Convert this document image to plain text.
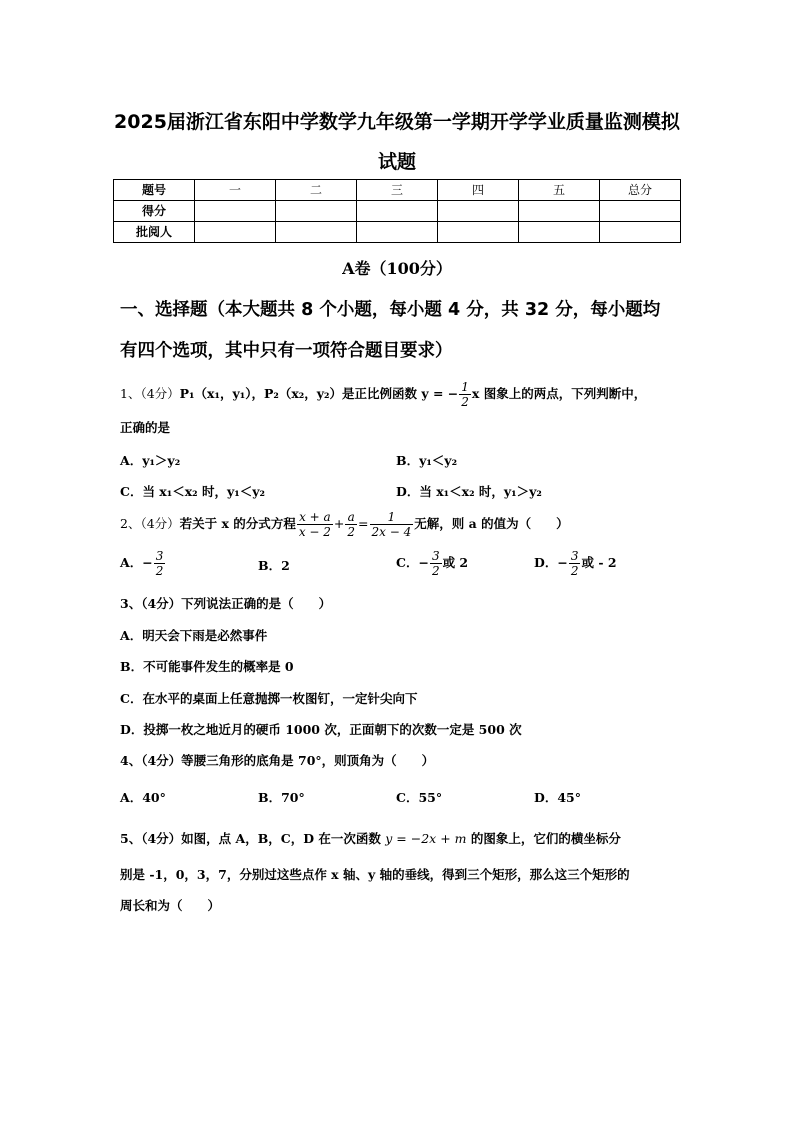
2025届浙江省东阳中学数学九年级第一学期开学学业质量监测模拟
试题
题号	一	二	三	四	五	总分
得分						
批阅人						
A卷（100分）
一、选择题（本大题共 8 个小题，每小题 4 分，共 32 分，每小题均
有四个选项，其中只有一项符合题目要求）
1、（4分）P₁（x₁，y₁），P₂（x₂，y₂）是正比例函数 y = − $\frac{1}{2}$ x 图象上的两点，下列判断中，
正确的是
A．y₁＞y₂	B．y₁＜y₂
C．当 x₁＜x₂ 时，y₁＜y₂	D．当 x₁＜x₂ 时，y₁＞y₂
2、（4分）若关于 x 的分式方程 $\frac{x + a}{x - 2} + \frac{a}{2} = \frac{1}{2x - 4}$ 无解，则 a 的值为（　　）
A．− $\frac{3}{2}$	B．2	C．− $\frac{3}{2}$ 或 2	D．− $\frac{3}{2}$ 或 - 2
3、（4分）下列说法正确的是（　　）
A．明天会下雨是必然事件
B．不可能事件发生的概率是 0
C．在水平的桌面上任意抛掷一枚图钉，一定针尖向下
D．投掷一枚之地近月的硬币 1000 次，正面朝下的次数一定是 500 次
4、（4分）等腰三角形的底角是 70°，则顶角为（　　）
A．40°	B．70°	C．55°	D．45°
5、（4分）如图，点 A，B，C，D 在一次函数 y = −2x + m 的图象上，它们的横坐标分
别是 -1，0，3，7，分别过这些点作 x 轴、y 轴的垂线，得到三个矩形，那么这三个矩形的
周长和为（　　）
